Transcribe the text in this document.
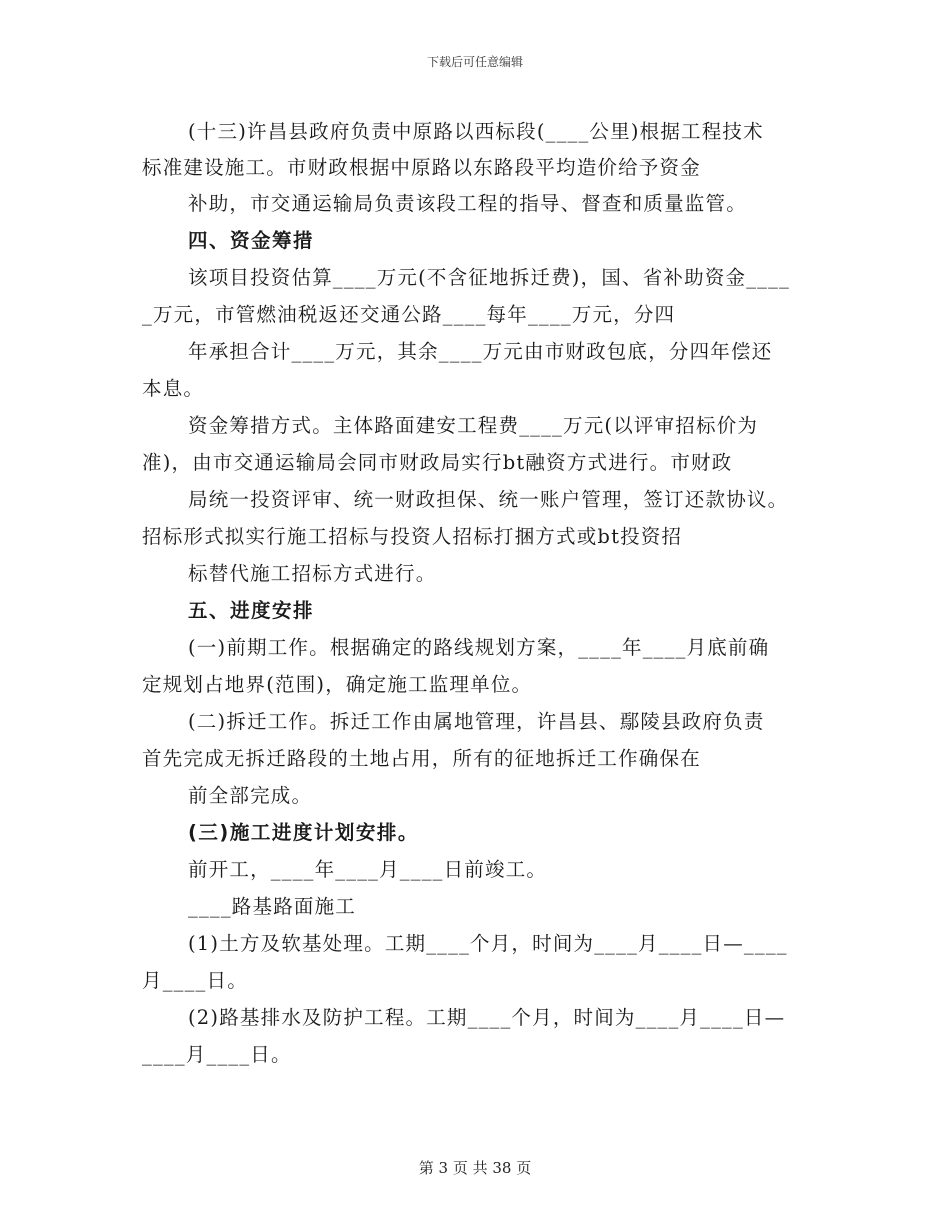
下载后可任意编辑
(十三)许昌县政府负责中原路以西标段(____公里)根据工程技术
标准建设施工。市财政根据中原路以东路段平均造价给予资金
补助，市交通运输局负责该段工程的指导、督查和质量监管。
四、资金筹措
该项目投资估算____万元(不含征地拆迁费)，国、省补助资金____
_万元，市管燃油税返还交通公路____每年____万元，分四
年承担合计____万元，其余____万元由市财政包底，分四年偿还
本息。
资金筹措方式。主体路面建安工程费____万元(以评审招标价为
准)，由市交通运输局会同市财政局实行bt融资方式进行。市财政
局统一投资评审、统一财政担保、统一账户管理，签订还款协议。
招标形式拟实行施工招标与投资人招标打捆方式或bt投资招
标替代施工招标方式进行。
五、进度安排
(一)前期工作。根据确定的路线规划方案，____年____月底前确
定规划占地界(范围)，确定施工监理单位。
(二)拆迁工作。拆迁工作由属地管理，许昌县、鄢陵县政府负责
首先完成无拆迁路段的土地占用，所有的征地拆迁工作确保在
前全部完成。
(三)施工进度计划安排。
前开工，____年____月____日前竣工。
____路基路面施工
(1)土方及软基处理。工期____个月，时间为____月____日—____
月____日。
(2)路基排水及防护工程。工期____个月，时间为____月____日—
____月____日。
第 3 页 共 38 页
